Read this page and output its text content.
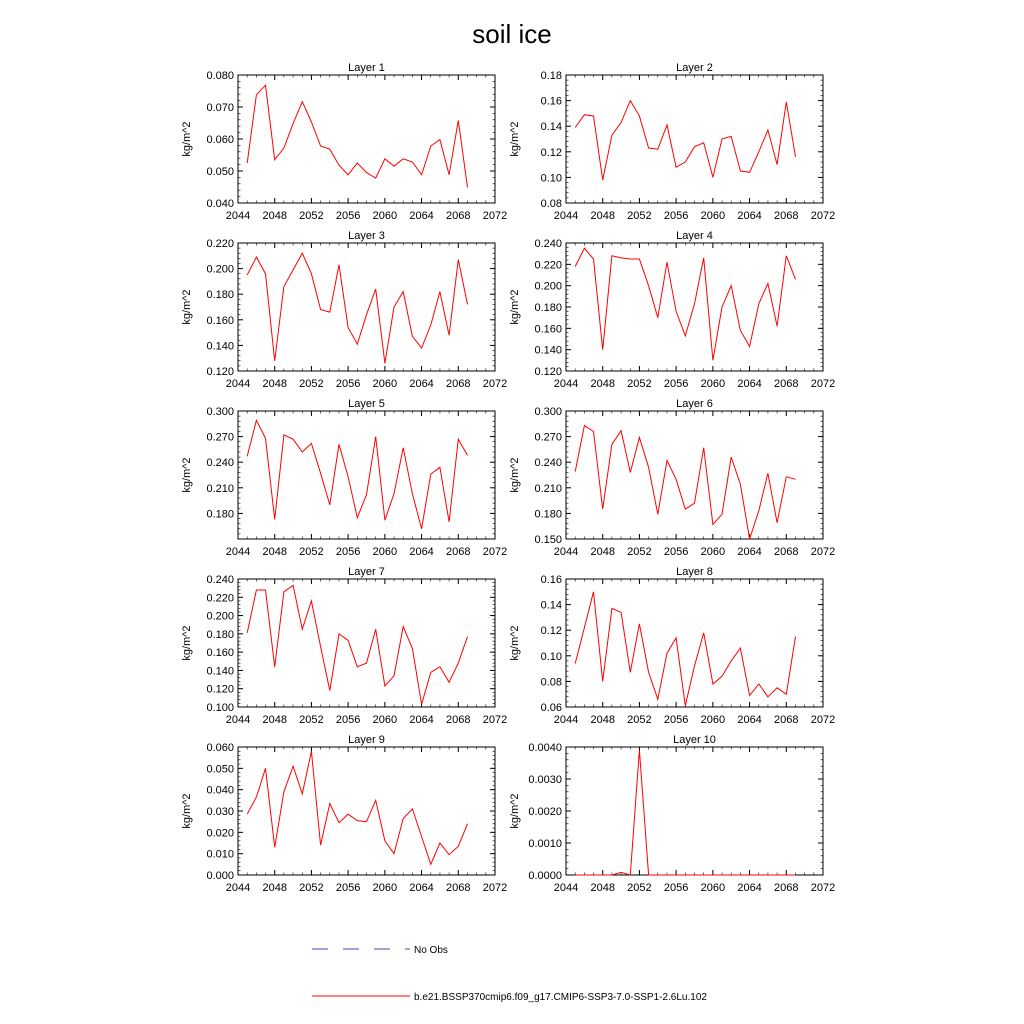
soil ice
Layer 1
2044 2048 2052 2056 2060 2064 2068 2072
0.040
0.050
0.060
0.070
0.080
kg/m^2
Layer 2
2044 2048 2052 2056 2060 2064 2068 2072
0.08
0.10
0.12
0.14
0.16
0.18
kg/m^2
Layer 3
2044 2048 2052 2056 2060 2064 2068 2072
0.120
0.140
0.160
0.180
0.200
0.220
kg/m^2
Layer 4
2044 2048 2052 2056 2060 2064 2068 2072
0.120
0.140
0.160
0.180
0.200
0.220
0.240
kg/m^2
Layer 5
2044 2048 2052 2056 2060 2064 2068 2072
0.180
0.210
0.240
0.270
0.300
kg/m^2
Layer 6
2044 2048 2052 2056 2060 2064 2068 2072
0.150
0.180
0.210
0.240
0.270
0.300
kg/m^2
Layer 7
2044 2048 2052 2056 2060 2064 2068 2072
0.100
0.120
0.140
0.160
0.180
0.200
0.220
0.240
kg/m^2
Layer 8
2044 2048 2052 2056 2060 2064 2068 2072
0.06
0.08
0.10
0.12
0.14
0.16
kg/m^2
Layer 9
2044 2048 2052 2056 2060 2064 2068 2072
0.000
0.010
0.020
0.030
0.040
0.050
0.060
kg/m^2
Layer 10
2044 2048 2052 2056 2060 2064 2068 2072
0.0000
0.0010
0.0020
0.0030
0.0040
kg/m^2
No Obs
b.e21.BSSP370cmip6.f09_g17.CMIP6-SSP3-7.0-SSP1-2.6Lu.102
